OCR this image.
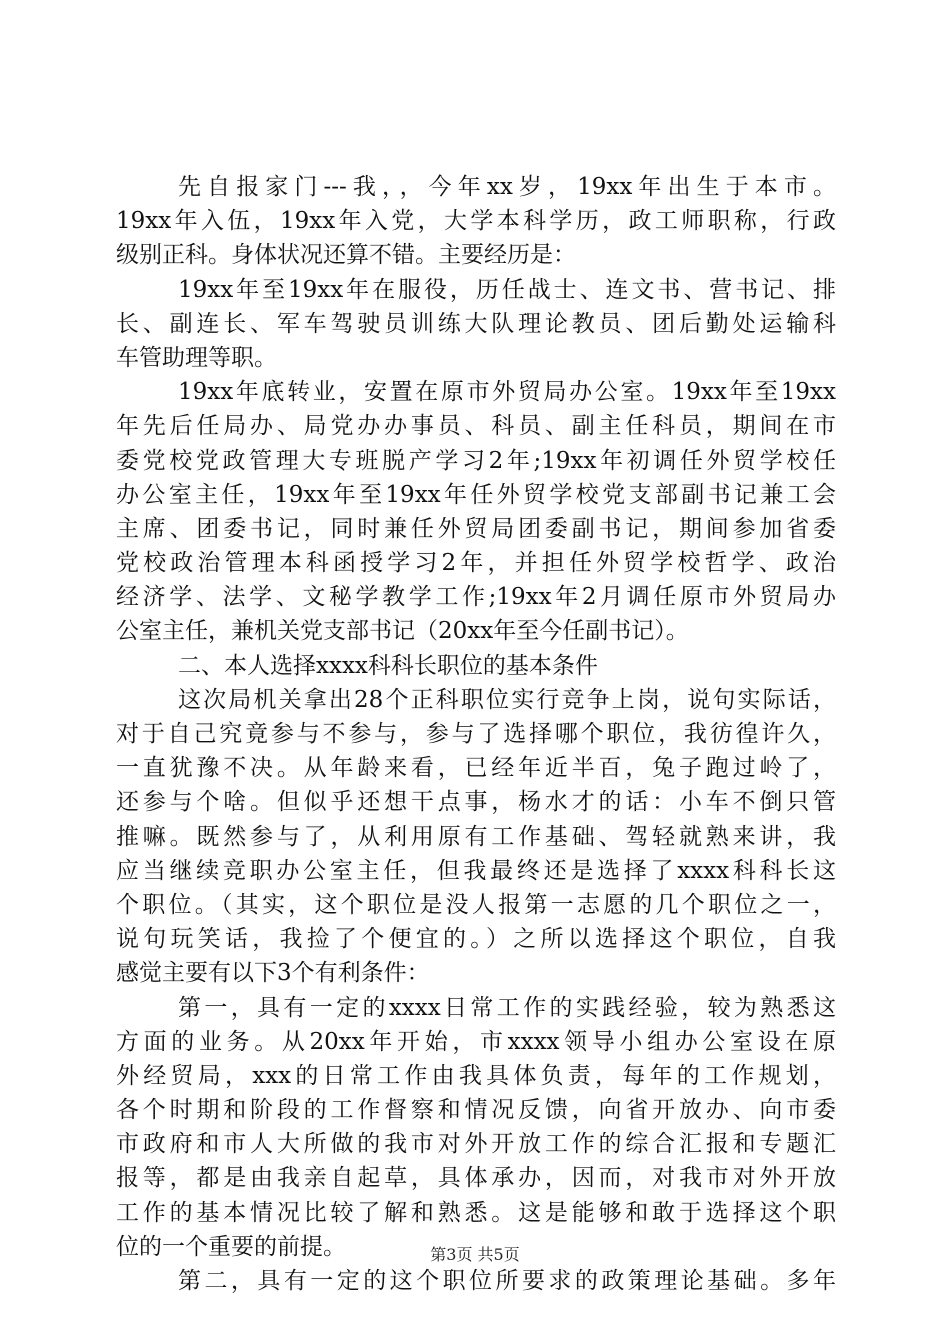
先自报家门---我，，今年xx岁，19xx年出生于本市。
19xx年入伍，19xx年入党，大学本科学历，政工师职称，行政
级别正科。身体状况还算不错。主要经历是：
19xx年至19xx年在服役，历任战士、连文书、营书记、排
长、副连长、军车驾驶员训练大队理论教员、团后勤处运输科
车管助理等职。
19xx年底转业，安置在原市外贸局办公室。19xx年至19xx
年先后任局办、局党办办事员、科员、副主任科员，期间在市
委党校党政管理大专班脱产学习2年;19xx年初调任外贸学校任
办公室主任，19xx年至19xx年任外贸学校党支部副书记兼工会
主席、团委书记，同时兼任外贸局团委副书记，期间参加省委
党校政治管理本科函授学习2年，并担任外贸学校哲学、政治
经济学、法学、文秘学教学工作;19xx年2月调任原市外贸局办
公室主任，兼机关党支部书记（20xx年至今任副书记）。
二、本人选择xxxx科科长职位的基本条件
这次局机关拿出28个正科职位实行竞争上岗，说句实际话，
对于自己究竟参与不参与，参与了选择哪个职位，我彷徨许久，
一直犹豫不决。从年龄来看，已经年近半百，兔子跑过岭了，
还参与个啥。但似乎还想干点事，杨水才的话：小车不倒只管
推嘛。既然参与了，从利用原有工作基础、驾轻就熟来讲，我
应当继续竞职办公室主任，但我最终还是选择了xxxx科科长这
个职位。（其实，这个职位是没人报第一志愿的几个职位之一，
说句玩笑话，我捡了个便宜的。）之所以选择这个职位，自我
感觉主要有以下3个有利条件：
第一，具有一定的xxxx日常工作的实践经验，较为熟悉这
方面的业务。从20xx年开始，市xxxx领导小组办公室设在原
外经贸局，xxx的日常工作由我具体负责，每年的工作规划，
各个时期和阶段的工作督察和情况反馈，向省开放办、向市委
市政府和市人大所做的我市对外开放工作的综合汇报和专题汇
报等，都是由我亲自起草，具体承办，因而，对我市对外开放
工作的基本情况比较了解和熟悉。这是能够和敢于选择这个职
位的一个重要的前提。
第二，具有一定的这个职位所要求的政策理论基础。多年
第3页 共5页
